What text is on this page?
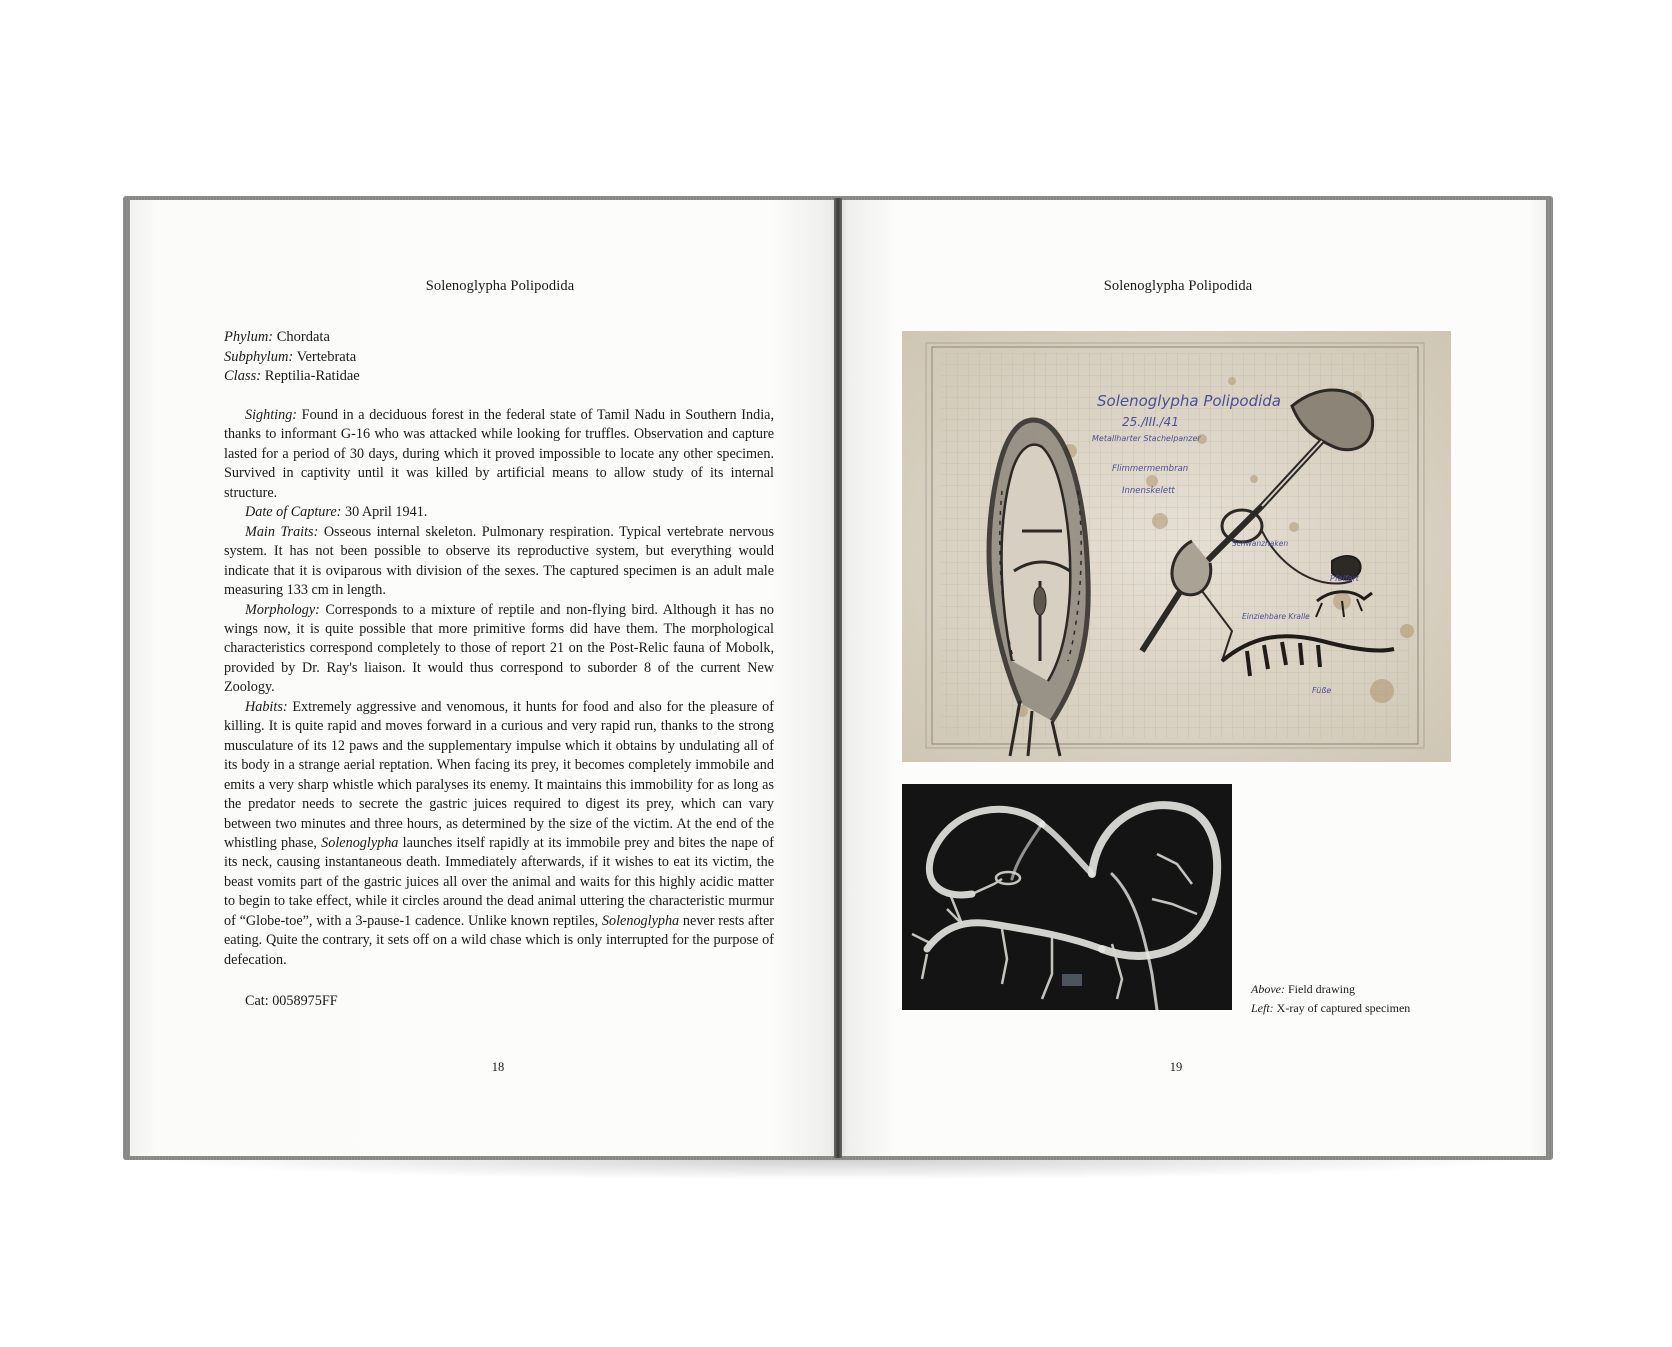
Solenoglypha Polipodida	Solenoglypha Polipodida
Phylum: Chordata
Subphylum: Vertebrata
Class: Reptilia-Ratidae

Sighting: Found in a deciduous forest in the federal state of Tamil Nadu in Southern India, thanks to informant G-16 who was attacked while looking for truffles. Observation and capture lasted for a period of 30 days, during which it proved impossible to locate any other specimen. Survived in captivity until it was killed by artificial means to allow study of its internal structure.

Date of Capture: 30 April 1941.

Main Traits: Osseous internal skeleton. Pulmonary respiration. Typical vertebrate nervous system. It has not been possible to observe its reproductive system, but everything would indicate that it is oviparous with division of the sexes. The captured specimen is an adult male measuring 133 cm in length.

Morphology: Corresponds to a mixture of reptile and non-flying bird. Although it has no wings now, it is quite possible that more primitive forms did have them. The morphological characteristics correspond completely to those of report 21 on the Post-Relic fauna of Mobolk, provided by Dr. Ray's liaison. It would thus correspond to suborder 8 of the current New Zoology.

Habits: Extremely aggressive and venomous, it hunts for food and also for the pleasure of killing. It is quite rapid and moves forward in a curious and very rapid run, thanks to the strong musculature of its 12 paws and the supplementary impulse which it obtains by undulating all of its body in a strange aerial reptation. When facing its prey, it becomes completely immobile and emits a very sharp whistle which paralyses its enemy. It maintains this immobility for as long as the predator needs to secrete the gastric juices required to digest its prey, which can vary between two minutes and three hours, as determined by the size of the victim. At the end of the whistling phase, Solenoglypha launches itself rapidly at its immobile prey and bites the nape of its neck, causing instantaneous death. Immediately afterwards, if it wishes to eat its victim, the beast vomits part of the gastric juices all over the animal and waits for this highly acidic matter to begin to take effect, while it circles around the dead animal uttering the characteristic murmur of “Globe-toe”, with a 3-pause-1 cadence. Unlike known reptiles, Solenoglypha never rests after eating. Quite the contrary, it sets off on a wild chase which is only interrupted for the purpose of defecation.

Cat: 0058975FF
18	19
Solenoglypha Polipodida
25./III./41
Metallharter Stachelpanzer
Flimmermembran
Innenskelett
Schwanzhaken
Pfeifart
Einziehbare Kralle
Füße
Above: Field drawing
Left: X-ray of captured specimen
